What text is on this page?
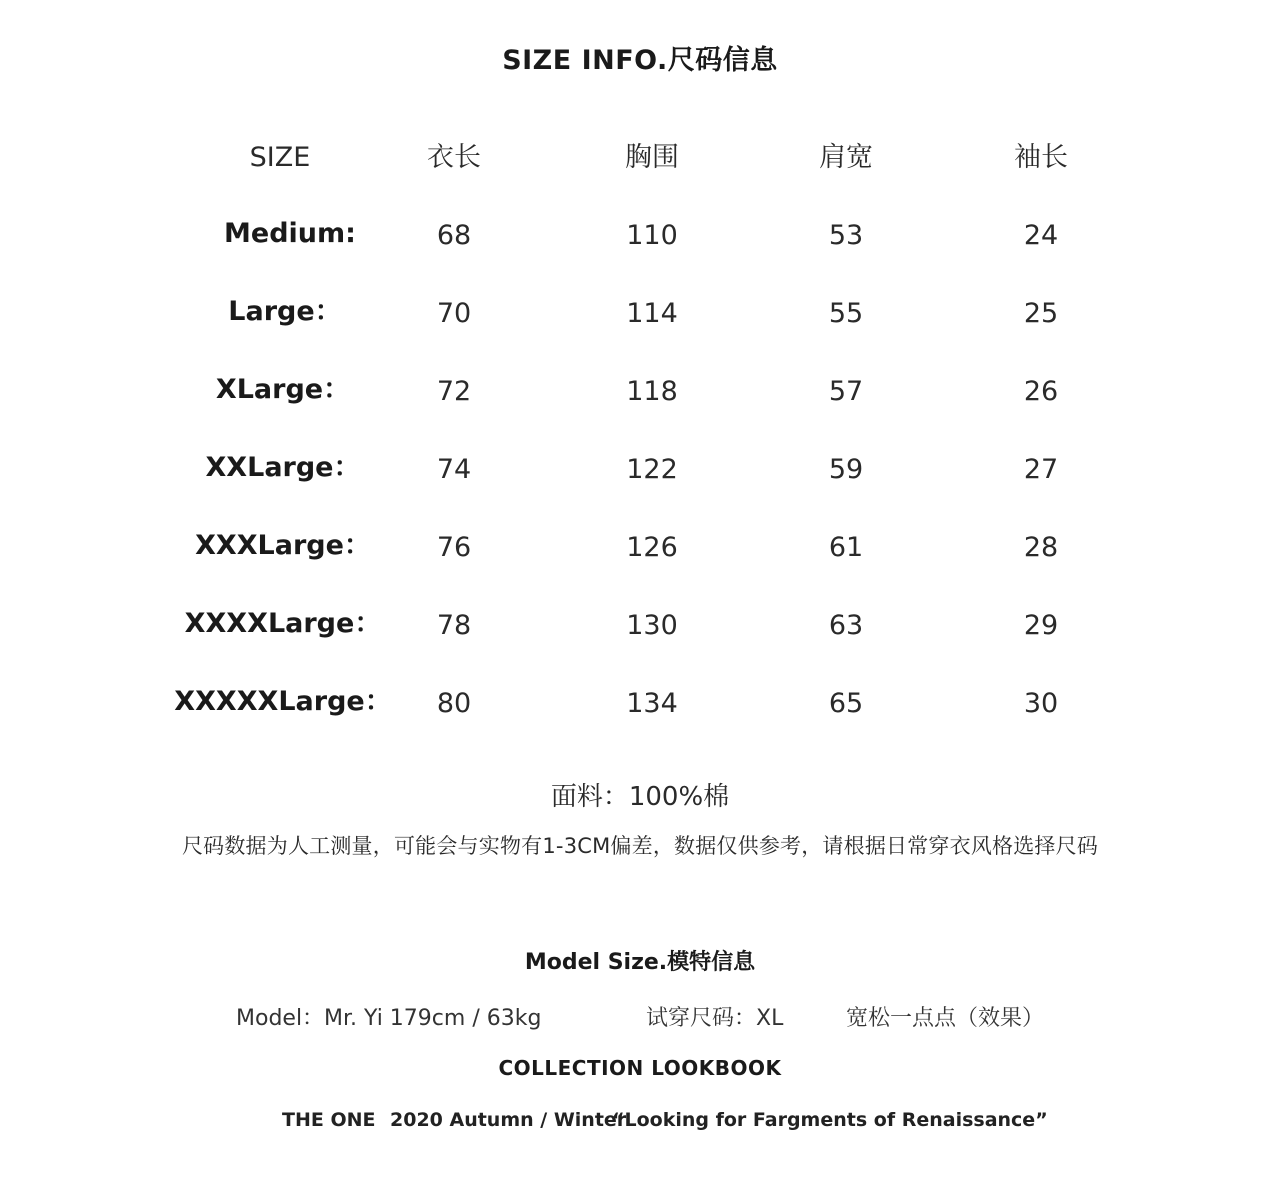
SIZE INFO.尺码信息
SIZE	衣长	胸围	肩宽	袖长
Medium:	68	110	53	24
Large：	70	114	55	25
XLarge：	72	118	57	26
XXLarge：	74	122	59	27
XXXLarge：	76	126	61	28
XXXXLarge：	78	130	63	29
XXXXXLarge：	80	134	65	30
面料：100%棉
尺码数据为人工测量，可能会与实物有1-3CM偏差，数据仅供参考，请根据日常穿衣风格选择尺码
Model Size.模特信息
Model：Mr. Yi 179cm / 63kg	试穿尺码：XL	宽松一点点（效果）
COLLECTION LOOKBOOK
THE ONE 2020 Autumn / Winter
“Looking for Fargments of Renaissance”
